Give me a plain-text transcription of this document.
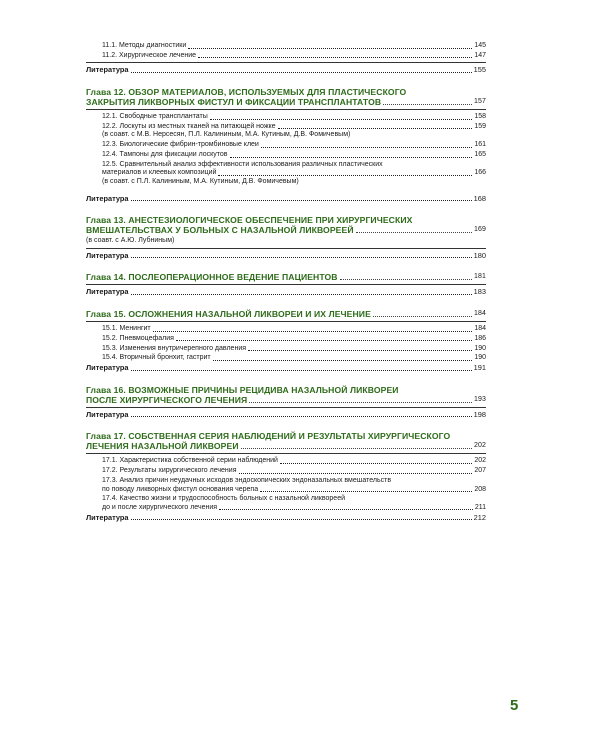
11.1. Методы диагностики	145
11.2. Хирургическое лечение	147
Литература	155
Глава 12. ОБЗОР МАТЕРИАЛОВ, ИСПОЛЬЗУЕМЫХ ДЛЯ ПЛАСТИЧЕСКОГО
ЗАКРЫТИЯ ЛИКВОРНЫХ ФИСТУЛ И ФИКСАЦИИ ТРАНСПЛАНТАТОВ	157
12.1. Свободные трансплантаты	158
12.2. Лоскуты из местных тканей на питающей ножке	159
(в соавт. с М.В. Нерсесян, П.Л. Калининым, М.А. Кутиным, Д.В. Фомичевым)
12.3. Биологические фибрин-тромбиновые клеи	161
12.4. Тампоны для фиксации лоскутов	165
12.5. Сравнительный анализ эффективности использования различных пластических
материалов и клеевых композиций	166
(в соавт. с П.Л. Калининым, М.А. Кутиным, Д.В. Фомичевым)
Литература	168
Глава 13. АНЕСТЕЗИОЛОГИЧЕСКОЕ ОБЕСПЕЧЕНИЕ ПРИ ХИРУРГИЧЕСКИХ
ВМЕШАТЕЛЬСТВАХ У БОЛЬНЫХ С НАЗАЛЬНОЙ ЛИКВОРЕЕЙ	169
(в соавт. с А.Ю. Лубниным)
Литература	180
Глава 14. ПОСЛЕОПЕРАЦИОННОЕ ВЕДЕНИЕ ПАЦИЕНТОВ	181
Литература	183
Глава 15. ОСЛОЖНЕНИЯ НАЗАЛЬНОЙ ЛИКВОРЕИ И ИХ ЛЕЧЕНИЕ	184
15.1. Менингит	184
15.2. Пневмоцефалия	186
15.3. Изменения внутричерепного давления	190
15.4. Вторичный бронхит, гастрит	190
Литература	191
Глава 16. ВОЗМОЖНЫЕ ПРИЧИНЫ РЕЦИДИВА НАЗАЛЬНОЙ ЛИКВОРЕИ
ПОСЛЕ ХИРУРГИЧЕСКОГО ЛЕЧЕНИЯ	193
Литература	198
Глава 17. СОБСТВЕННАЯ СЕРИЯ НАБЛЮДЕНИЙ И РЕЗУЛЬТАТЫ ХИРУРГИЧЕСКОГО
ЛЕЧЕНИЯ НАЗАЛЬНОЙ ЛИКВОРЕИ	202
17.1. Характеристика собственной серии наблюдений	202
17.2. Результаты хирургического лечения	207
17.3. Анализ причин неудачных исходов эндоскопических эндоназальных вмешательств
по поводу ликворных фистул основания черепа	208
17.4. Качество жизни и трудоспособность больных с назальной ликвореей
до и после хирургического лечения	211
Литература	212
5
